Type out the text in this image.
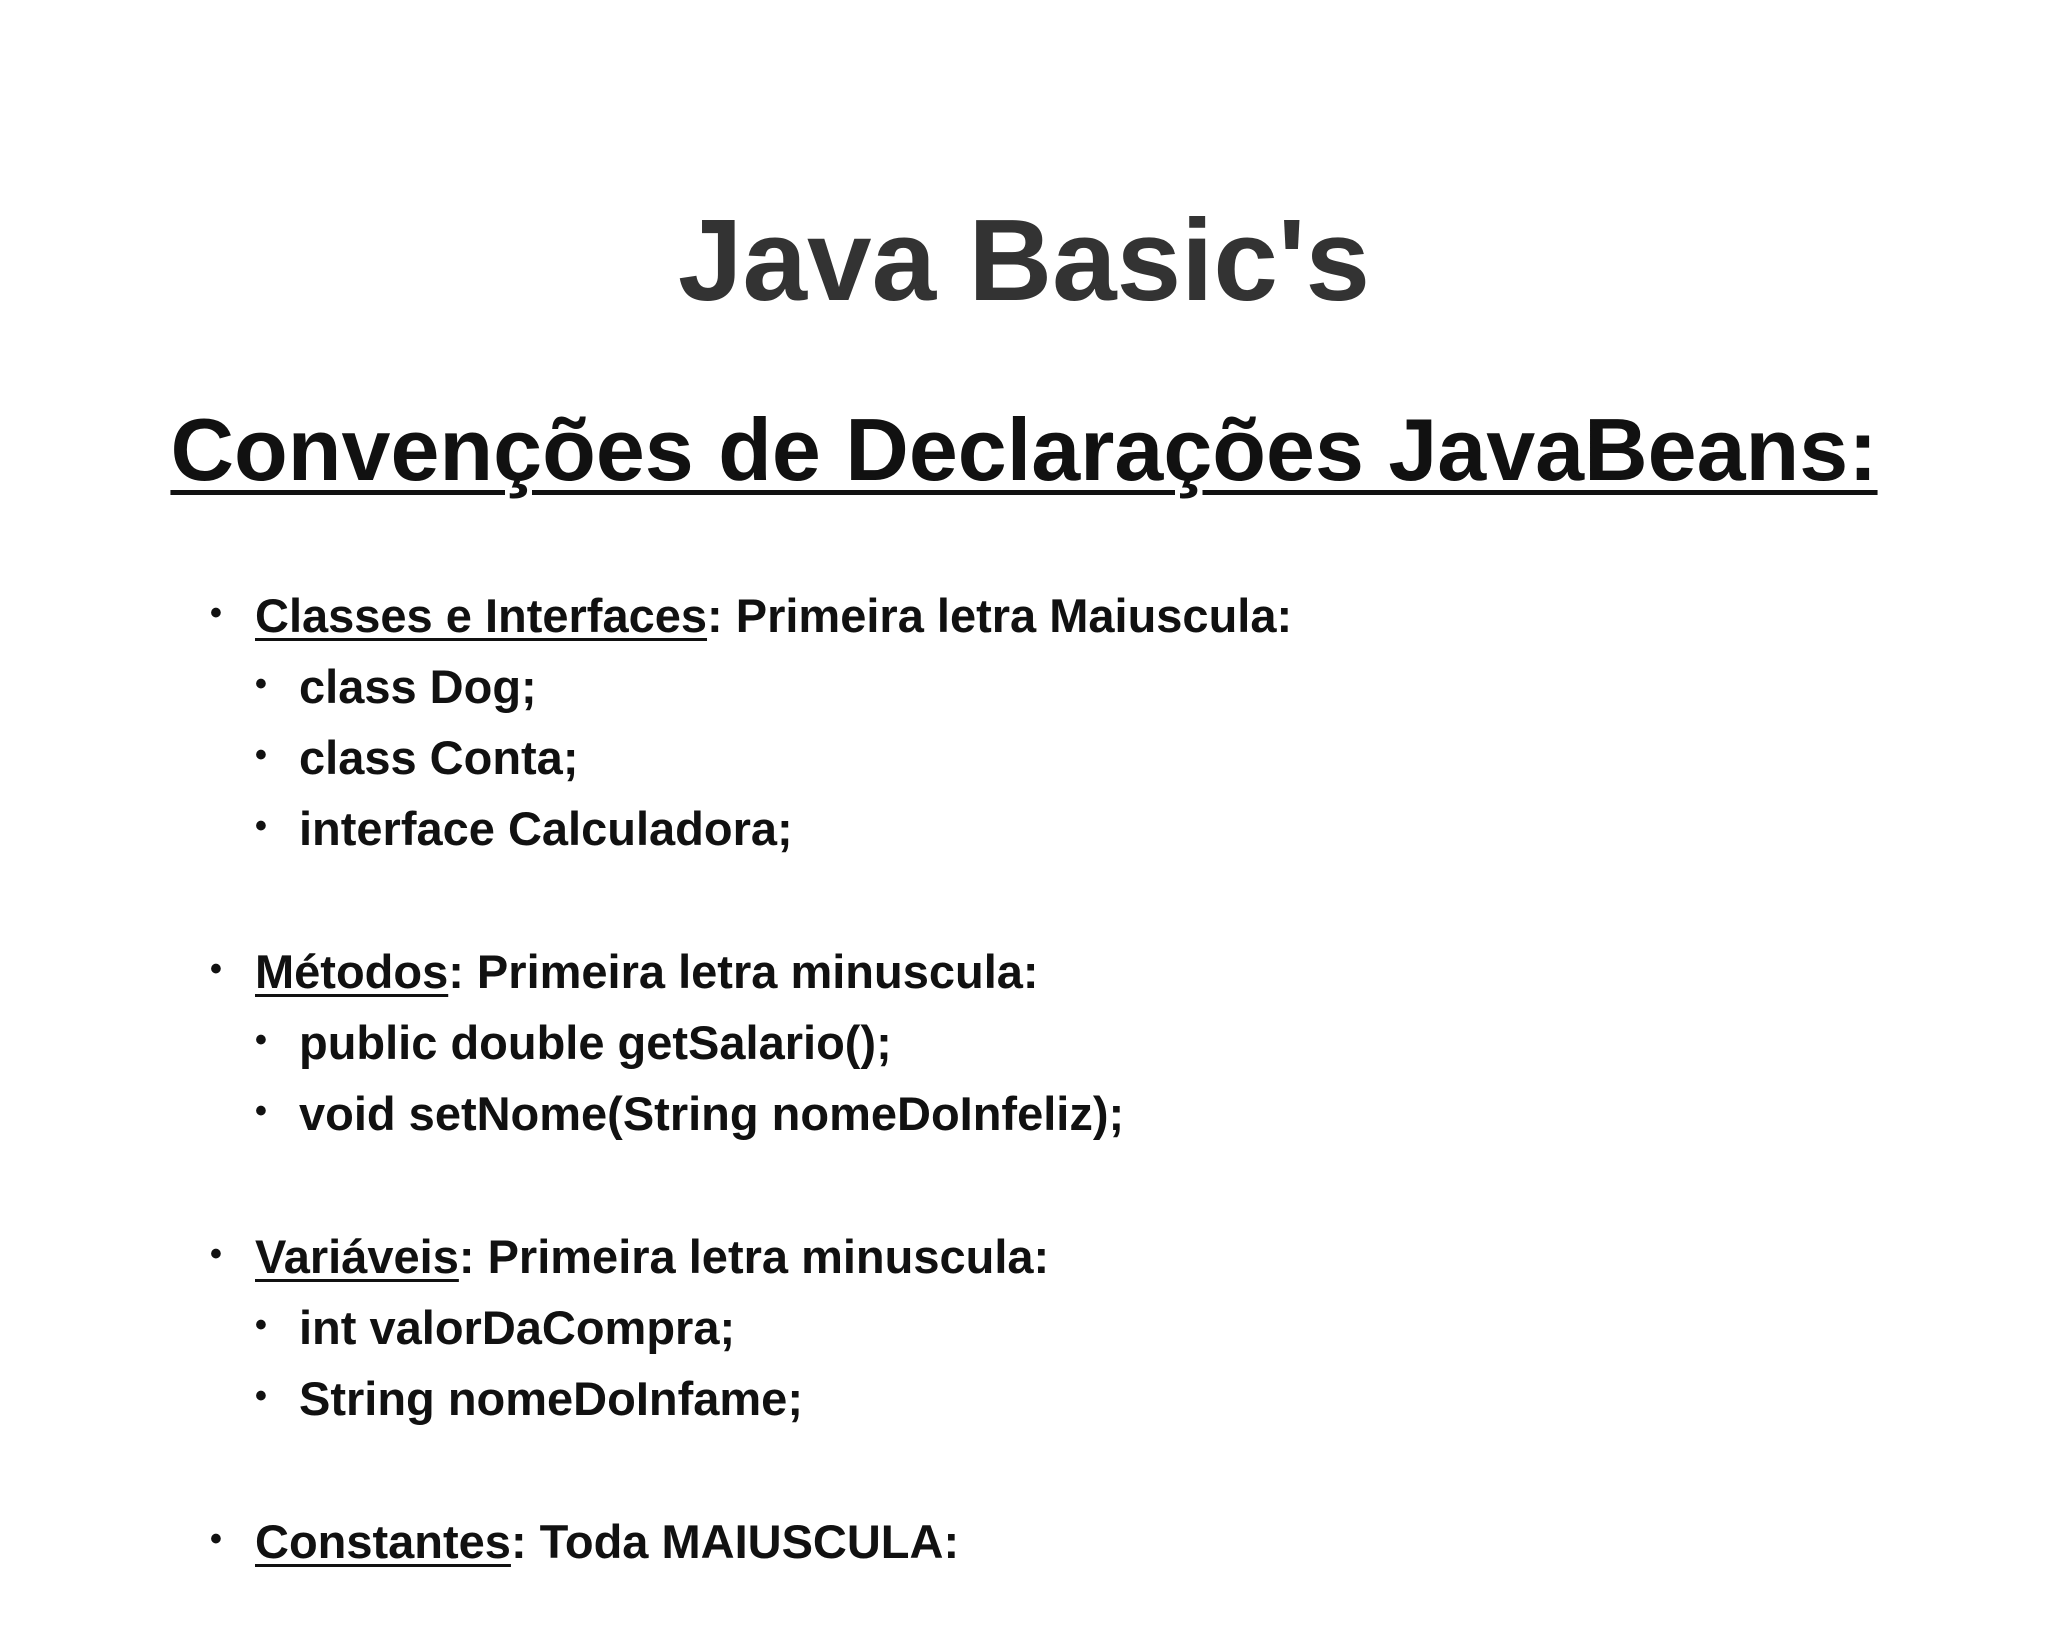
Java Basic's
Convenções de Declarações JavaBeans:
• Classes e Interfaces: Primeira letra Maiuscula:
• class Dog;
• class Conta;
• interface Calculadora;
• Métodos: Primeira letra minuscula:
• public double getSalario();
• void setNome(String nomeDoInfeliz);
• Variáveis: Primeira letra minuscula:
• int valorDaCompra;
• String nomeDoInfame;
• Constantes: Toda MAIUSCULA:
